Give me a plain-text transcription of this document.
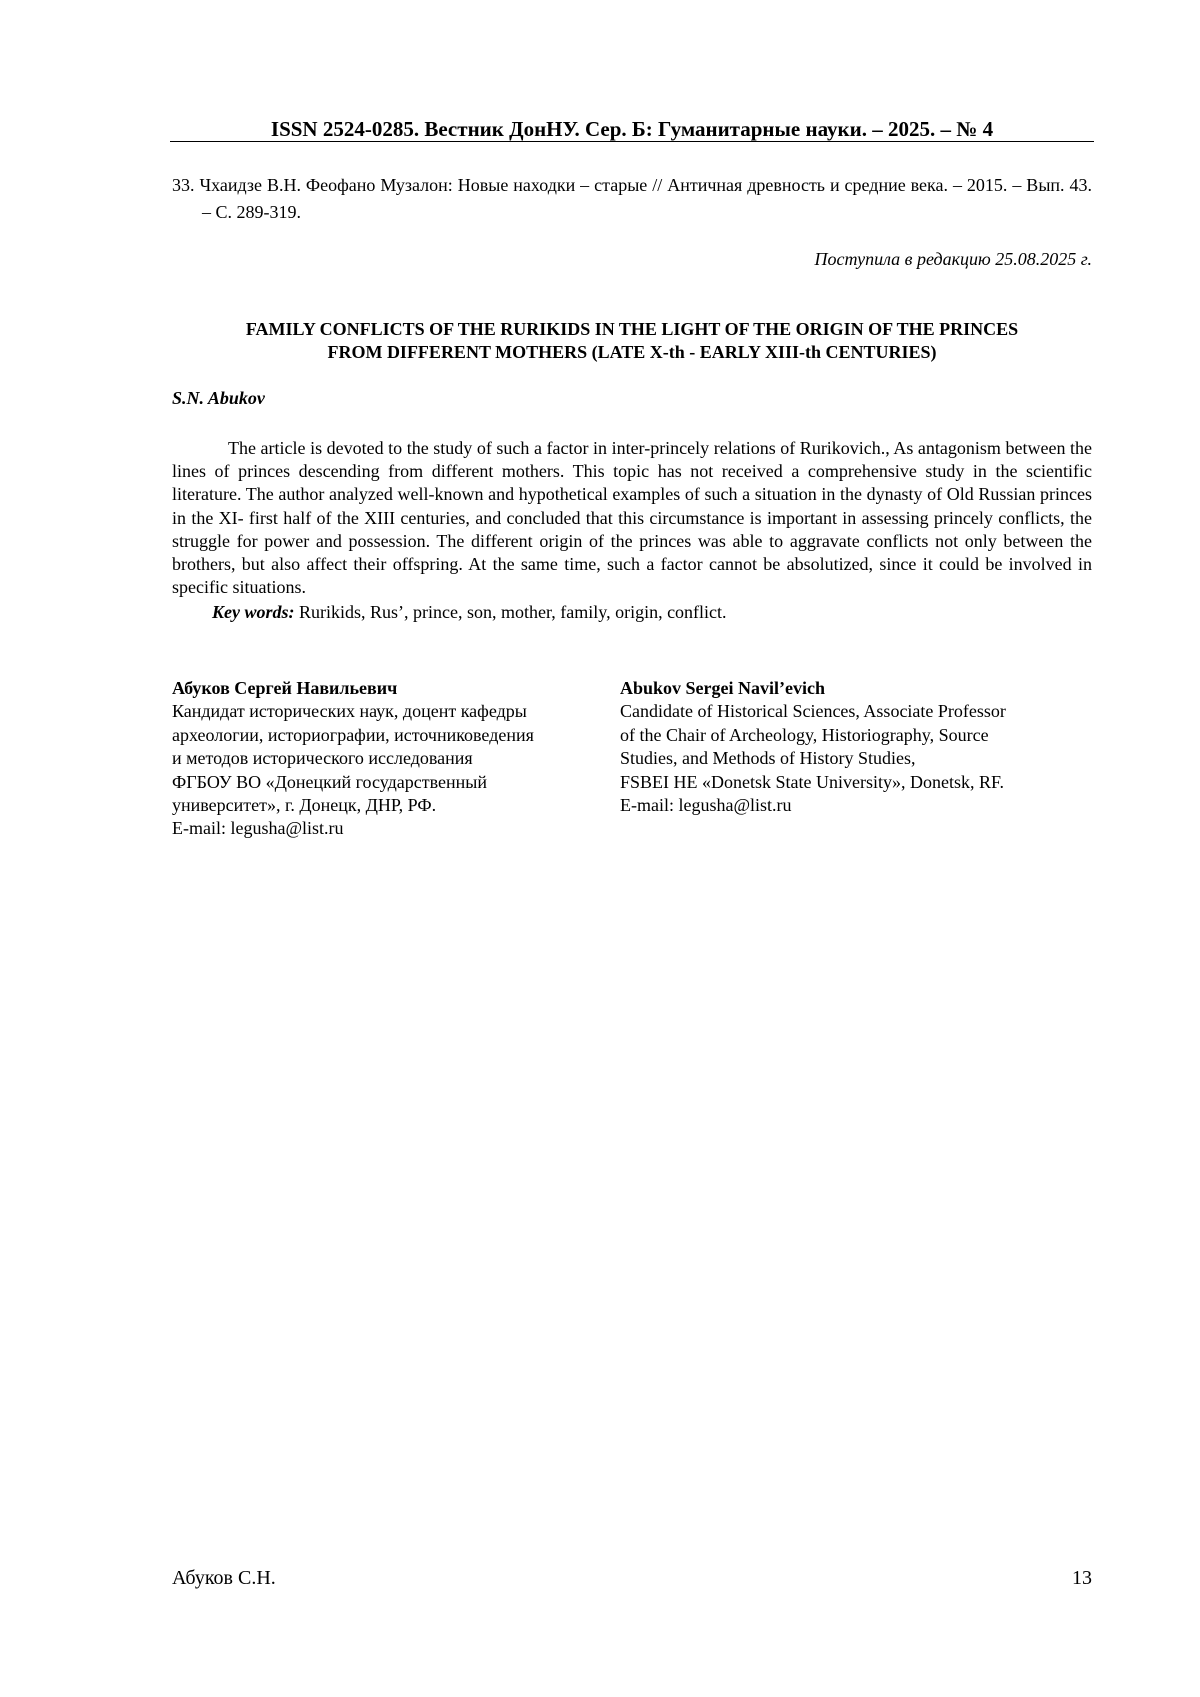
ISSN 2524-0285. Вестник ДонНУ. Сер. Б: Гуманитарные науки. – 2025. – № 4
33. Чхаидзе В.Н. Феофано Музалон: Новые находки – старые // Античная древность и средние века. – 2015. – Вып. 43. – С. 289-319.
Поступила в редакцию 25.08.2025 г.
FAMILY CONFLICTS OF THE RURIKIDS IN THE LIGHT OF THE ORIGIN OF THE PRINCES
FROM DIFFERENT MOTHERS (LATE X-th - EARLY XIII-th CENTURIES)
S.N. Abukov

The article is devoted to the study of such a factor in inter-princely relations of Rurikovich., As antagonism between the lines of princes descending from different mothers. This topic has not received a comprehensive study in the scientific literature. The author analyzed well-known and hypothetical examples of such a situation in the dynasty of Old Russian princes in the XI- first half of the XIII centuries, and concluded that this circumstance is important in assessing princely conflicts, the struggle for power and possession. The different origin of the princes was able to aggravate conflicts not only between the brothers, but also affect their offspring. At the same time, such a factor cannot be absolutized, since it could be involved in specific situations.

Key words: Rurikids, Rus’, prince, son, mother, family, origin, conflict.

Абуков Сергей Навильевич
Кандидат исторических наук, доцент кафедры
археологии, историографии, источниковедения
и методов исторического исследования
ФГБОУ ВО «Донецкий государственный
университет», г. Донецк, ДНР, РФ.
E-mail: legusha@list.ru
Abukov Sergei Navil’evich
Candidate of Historical Sciences, Associate Professor
of the Chair of Archeology, Historiography, Source
Studies, and Methods of History Studies,
FSBEI HE «Donetsk State University», Donetsk, RF.
E-mail: legusha@list.ru
Абуков С.Н.	13
